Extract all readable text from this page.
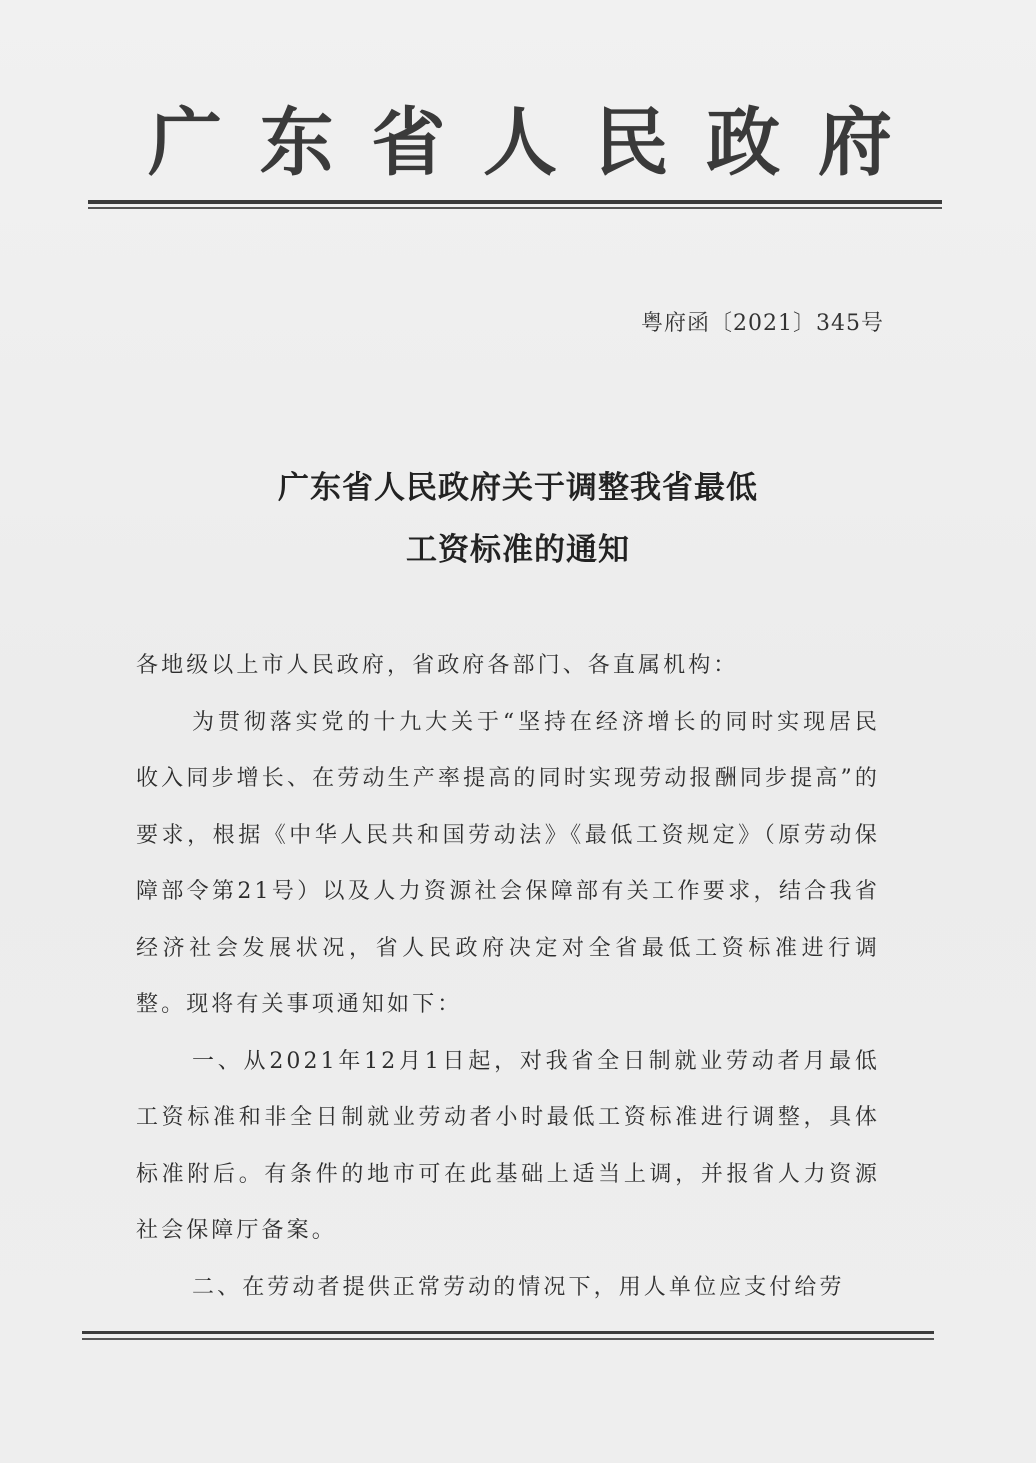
广 东 省 人 民 政 府
粤府函〔2021〕345号
广东省人民政府关于调整我省最低
工资标准的通知

各地级以上市人民政府，省政府各部门、各直属机构：

为贯彻落实党的十九大关于“坚持在经济增长的同时实现居民收入同步增长、在劳动生产率提高的同时实现劳动报酬同步提高”的要求，根据《中华人民共和国劳动法》《最低工资规定》（原劳动保障部令第21号）以及人力资源社会保障部有关工作要求，结合我省经济社会发展状况，省人民政府决定对全省最低工资标准进行调整。现将有关事项通知如下：

一、从2021年12月1日起，对我省全日制就业劳动者月最低工资标准和非全日制就业劳动者小时最低工资标准进行调整，具体标准附后。有条件的地市可在此基础上适当上调，并报省人力资源社会保障厅备案。

二、在劳动者提供正常劳动的情况下，用人单位应支付给劳
